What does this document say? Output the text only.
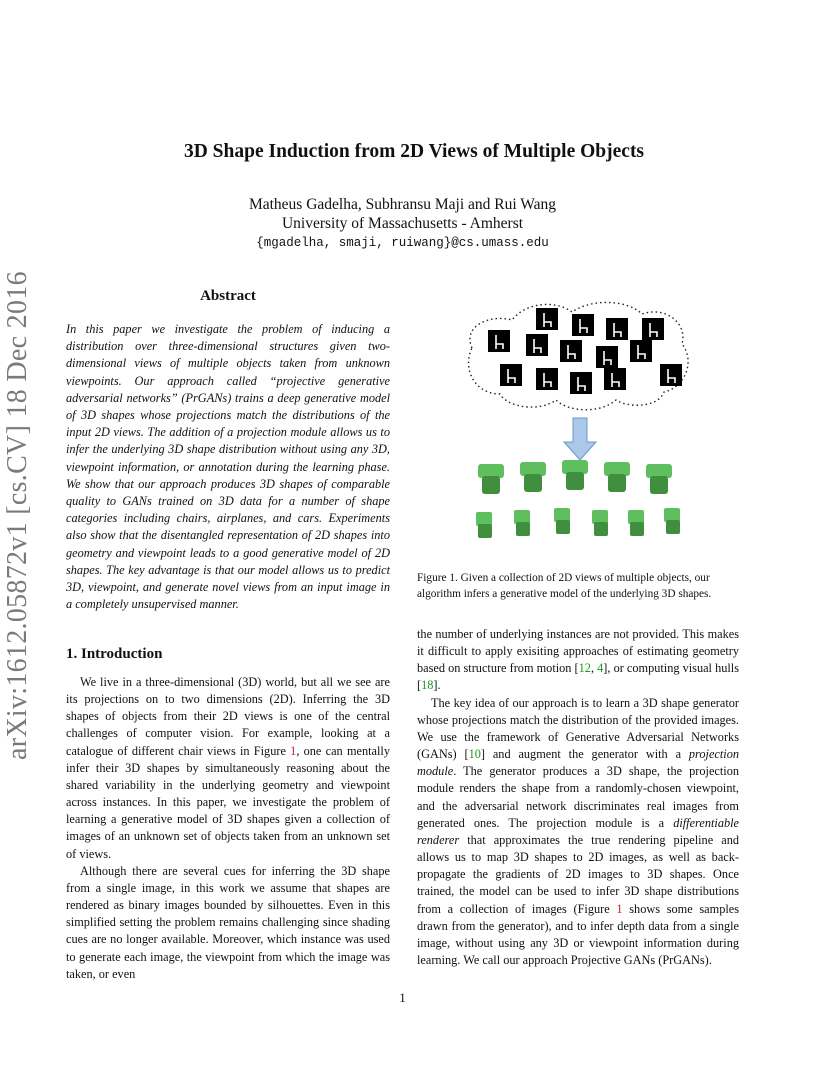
3D Shape Induction from 2D Views of Multiple Objects
Matheus Gadelha, Subhransu Maji and Rui Wang
University of Massachusetts - Amherst
{mgadelha, smaji, ruiwang}@cs.umass.edu
arXiv:1612.05872v1 [cs.CV] 18 Dec 2016	Abstract
In this paper we investigate the problem of inducing a distribution over three-dimensional structures given two-dimensional views of multiple objects taken from unknown viewpoints. Our approach called “projective generative adversarial networks” (PrGANs) trains a deep generative model of 3D shapes whose projections match the distributions of the input 2D views. The addition of a projection module allows us to infer the underlying 3D shape distribution without using any 3D, viewpoint information, or annotation during the learning phase. We show that our approach produces 3D shapes of comparable quality to GANs trained on 3D data for a number of shape categories including chairs, airplanes, and cars. Experiments also show that the disentangled representation of 2D shapes into geometry and viewpoint leads to a good generative model of 2D shapes. The key advantage is that our model allows us to predict 3D, viewpoint, and generate novel views from an input image in a completely unsupervised manner.
1. Introduction

We live in a three-dimensional (3D) world, but all we see are its projections on to two dimensions (2D). Inferring the 3D shapes of objects from their 2D views is one of the central challenges of computer vision. For example, looking at a catalogue of different chair views in Figure 1, one can mentally infer their 3D shapes by simultaneously reasoning about the shared variability in the underlying geometry and viewpoint across instances. In this paper, we investigate the problem of learning a generative model of 3D shapes given a collection of images of an unknown set of objects taken from an unknown set of views.

Although there are several cues for inferring the 3D shape from a single image, in this work we assume that shapes are rendered as binary images bounded by silhouettes. Even in this simplified setting the problem remains challenging since shading cues are no longer available. Moreover, which instance was used to generate each image, the viewpoint from which the image was taken, or even

Figure 1. Given a collection of 2D views of multiple objects, our algorithm infers a generative model of the underlying 3D shapes.

the number of underlying instances are not provided. This makes it difficult to apply exisiting approaches of estimating geometry based on structure from motion [12, 4], or computing visual hulls [18].

The key idea of our approach is to learn a 3D shape generator whose projections match the distribution of the provided images. We use the framework of Generative Adversarial Networks (GANs) [10] and augment the generator with a projection module. The generator produces a 3D shape, the projection module renders the shape from a randomly-chosen viewpoint, and the adversarial network discriminates real images from generated ones. The projection module is a differentiable renderer that approximates the true rendering pipeline and allows us to map 3D shapes to 2D images, as well as back-propagate the gradients of 2D images to 3D shapes. Once trained, the model can be used to infer 3D shape distributions from a collection of images (Figure 1 shows some samples drawn from the generator), and to infer depth data from a single image, without using any 3D or viewpoint information during learning. We call our approach Projective GANs (PrGANs).

1
